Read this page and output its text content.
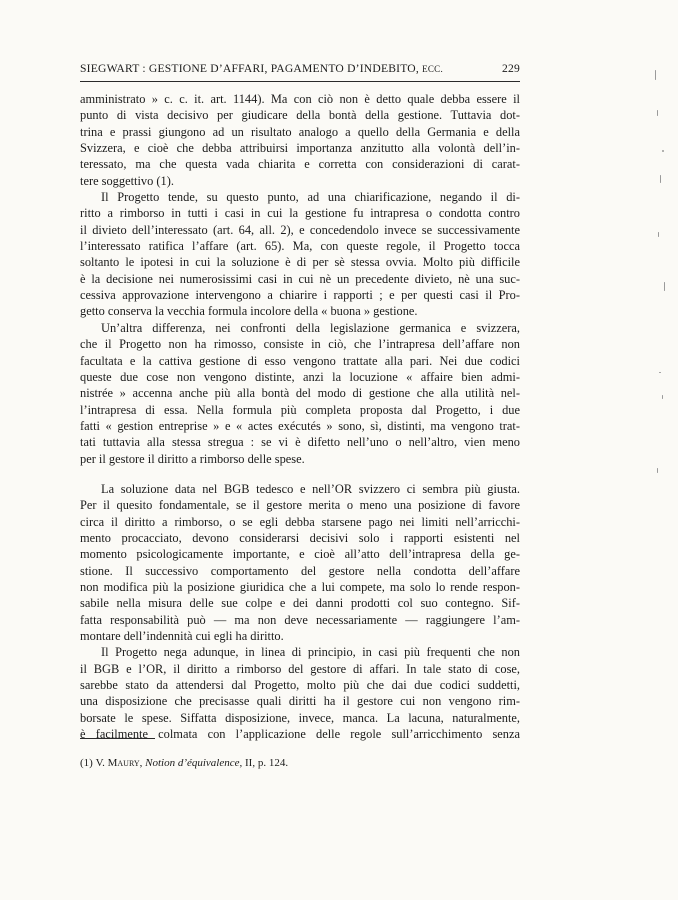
SIEGWART : GESTIONE D’AFFARI, PAGAMENTO D’INDEBITO, ECC.	229

amministrato » c. c. it. art. 1144). Ma con ciò non è detto quale debba essere il
punto di vista decisivo per giudicare della bontà della gestione. Tuttavia dot-
trina e prassi giungono ad un risultato analogo a quello della Germania e della
Svizzera, e cioè che debba attribuirsi importanza anzitutto alla volontà dell’in-
teressato, ma che questa vada chiarita e corretta con considerazioni di carat-
tere soggettivo (1).

Il Progetto tende, su questo punto, ad una chiarificazione, negando il di-
ritto a rimborso in tutti i casi in cui la gestione fu intrapresa o condotta contro
il divieto dell’interessato (art. 64, all. 2), e concedendolo invece se successivamente
l’interessato ratifica l’affare (art. 65). Ma, con queste regole, il Progetto tocca
soltanto le ipotesi in cui la soluzione è di per sè stessa ovvia. Molto più difficile
è la decisione nei numerosissimi casi in cui nè un precedente divieto, nè una suc-
cessiva approvazione intervengono a chiarire i rapporti ; e per questi casi il Pro-
getto conserva la vecchia formula incolore della « buona » gestione.

Un’altra differenza, nei confronti della legislazione germanica e svizzera,
che il Progetto non ha rimosso, consiste in ciò, che l’intrapresa dell’affare non
facultata e la cattiva gestione di esso vengono trattate alla pari. Nei due codici
queste due cose non vengono distinte, anzi la locuzione « affaire bien admi-
nistrée » accenna anche più alla bontà del modo di gestione che alla utilità nel-
l’intrapresa di essa. Nella formula più completa proposta dal Progetto, i due
fatti « gestion entreprise » e « actes exécutés » sono, sì, distinti, ma vengono trat-
tati tuttavia alla stessa stregua : se vi è difetto nell’uno o nell’altro, vien meno
per il gestore il diritto a rimborso delle spese.

La soluzione data nel BGB tedesco e nell’OR svizzero ci sembra più giusta.
Per il quesito fondamentale, se il gestore merita o meno una posizione di favore
circa il diritto a rimborso, o se egli debba starsene pago nei limiti nell’arricchi-
mento procacciato, devono considerarsi decisivi solo i rapporti esistenti nel
momento psicologicamente importante, e cioè all’atto dell’intrapresa della ge-
stione. Il successivo comportamento del gestore nella condotta dell’affare
non modifica più la posizione giuridica che a lui compete, ma solo lo rende respon-
sabile nella misura delle sue colpe e dei danni prodotti col suo contegno. Sif-
fatta responsabilità può — ma non deve necessariamente — raggiungere l’am-
montare dell’indennità cui egli ha diritto.

Il Progetto nega adunque, in linea di principio, in casi più frequenti che non
il BGB e l’OR, il diritto a rimborso del gestore di affari. In tale stato di cose,
sarebbe stato da attendersi dal Progetto, molto più che dai due codici suddetti,
una disposizione che precisasse quali diritti ha il gestore cui non vengono rim-
borsate le spese. Siffatta disposizione, invece, manca. La lacuna, naturalmente,
è facilmente colmata con l’applicazione delle regole sull’arricchimento senza

(1) V. Maury, Notion d’équivalence, II, p. 124.
